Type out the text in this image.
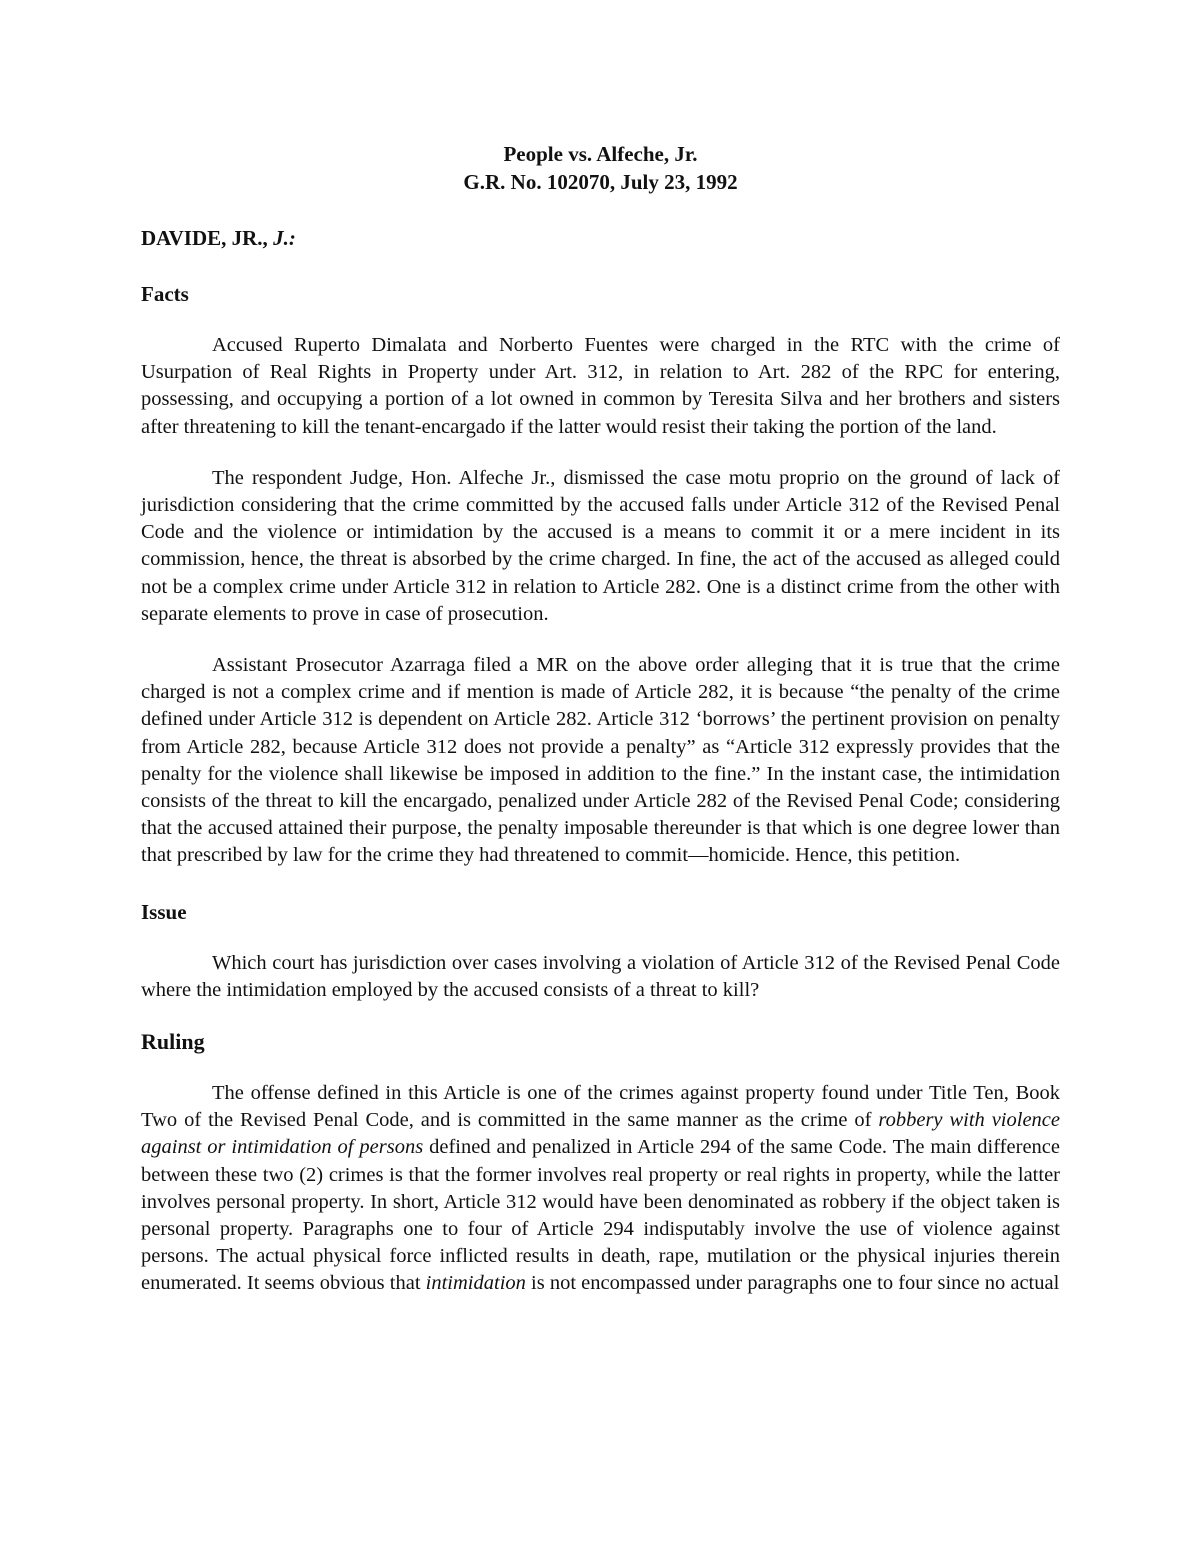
People vs. Alfeche, Jr.
G.R. No. 102070, July 23, 1992
DAVIDE, JR., J.:
Facts

Accused Ruperto Dimalata and Norberto Fuentes were charged in the RTC with the crime of Usurpation of Real Rights in Property under Art. 312, in relation to Art. 282 of the RPC for entering, possessing, and occupying a portion of a lot owned in common by Teresita Silva and her brothers and sisters after threatening to kill the tenant-encargado if the latter would resist their taking the portion of the land.

The respondent Judge, Hon. Alfeche Jr., dismissed the case motu proprio on the ground of lack of jurisdiction considering that the crime committed by the accused falls under Article 312 of the Revised Penal Code and the violence or intimidation by the accused is a means to commit it or a mere incident in its commission, hence, the threat is absorbed by the crime charged. In fine, the act of the accused as alleged could not be a complex crime under Article 312 in relation to Article 282. One is a distinct crime from the other with separate elements to prove in case of prosecution.

Assistant Prosecutor Azarraga filed a MR on the above order alleging that it is true that the crime charged is not a complex crime and if mention is made of Article 282, it is because “the penalty of the crime defined under Article 312 is dependent on Article 282. Article 312 ‘borrows’ the pertinent provision on penalty from Article 282, because Article 312 does not provide a penalty” as “Article 312 expressly provides that the penalty for the violence shall likewise be imposed in addition to the fine.” In the instant case, the intimidation consists of the threat to kill the encargado, penalized under Article 282 of the Revised Penal Code; considering that the accused attained their purpose, the penalty imposable thereunder is that which is one degree lower than that prescribed by law for the crime they had threatened to commit—homicide. Hence, this petition.

Issue

Which court has jurisdiction over cases involving a violation of Article 312 of the Revised Penal Code where the intimidation employed by the accused consists of a threat to kill?

Ruling

The offense defined in this Article is one of the crimes against property found under Title Ten, Book Two of the Revised Penal Code, and is committed in the same manner as the crime of robbery with violence against or intimidation of persons defined and penalized in Article 294 of the same Code. The main difference between these two (2) crimes is that the former involves real property or real rights in property, while the latter involves personal property. In short, Article 312 would have been denominated as robbery if the object taken is personal property. Paragraphs one to four of Article 294 indisputably involve the use of violence against persons. The actual physical force inflicted results in death, rape, mutilation or the physical injuries therein enumerated. It seems obvious that intimidation is not encompassed under paragraphs one to four since no actual
